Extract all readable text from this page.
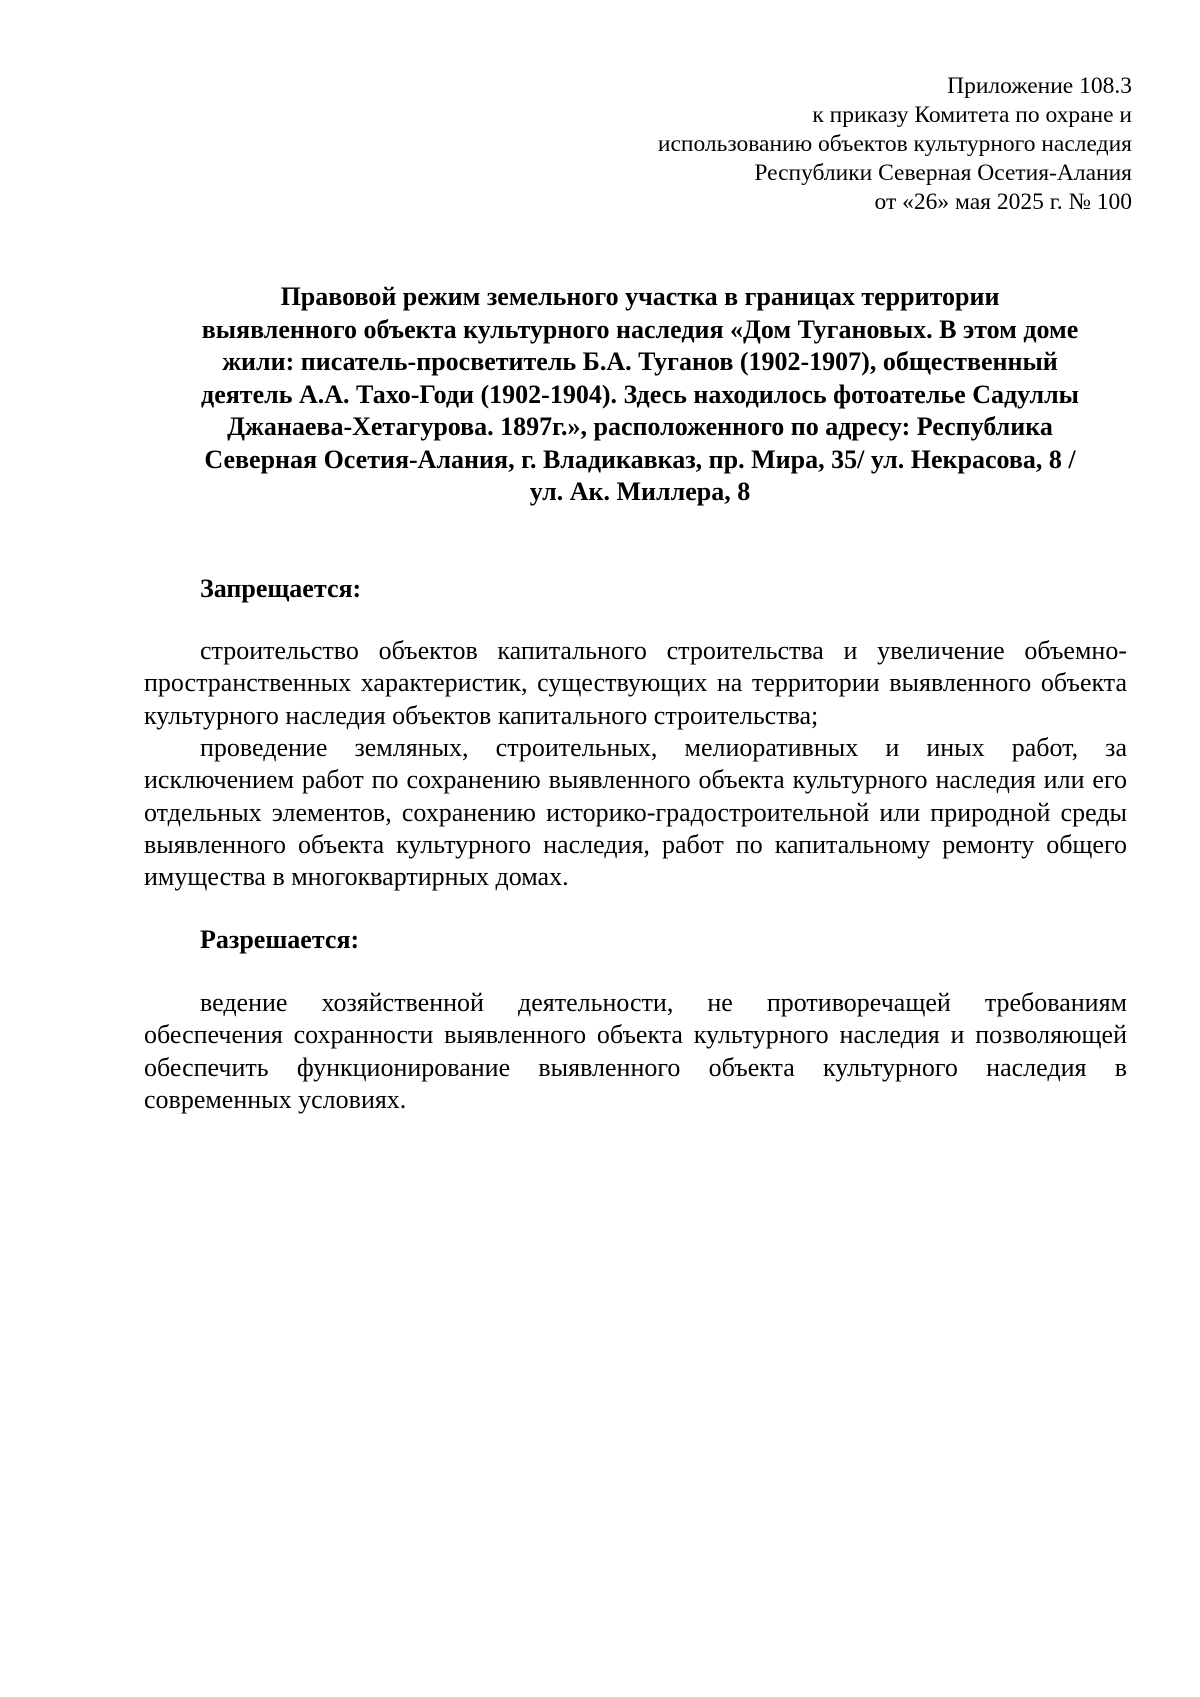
Приложение 108.3
к приказу Комитета по охране и
использованию объектов культурного наследия
Республики Северная Осетия-Алания
от «26» мая 2025 г. № 100
Правовой режим земельного участка в границах территории
выявленного объекта культурного наследия «Дом Тугановых. В этом доме
жили: писатель-просветитель Б.А. Туганов (1902-1907), общественный
деятель А.А. Тахо-Годи (1902-1904). Здесь находилось фотоателье Садуллы
Джанаева-Хетагурова. 1897г.», расположенного по адресу: Республика
Северная Осетия-Алания, г. Владикавказ, пр. Мира, 35/ ул. Некрасова, 8 /
ул. Ак. Миллера, 8
Запрещается:
строительство объектов капитального строительства и увеличение объемно-пространственных характеристик, существующих на территории выявленного объекта культурного наследия объектов капитального строительства;
проведение земляных, строительных, мелиоративных и иных работ, за исключением работ по сохранению выявленного объекта культурного наследия или его отдельных элементов, сохранению историко-градостроительной или природной среды выявленного объекта культурного наследия, работ по капитальному ремонту общего имущества в многоквартирных домах.
Разрешается:
ведение хозяйственной деятельности, не противоречащей требованиям обеспечения сохранности выявленного объекта культурного наследия и позволяющей обеспечить функционирование выявленного объекта культурного наследия в современных условиях.
